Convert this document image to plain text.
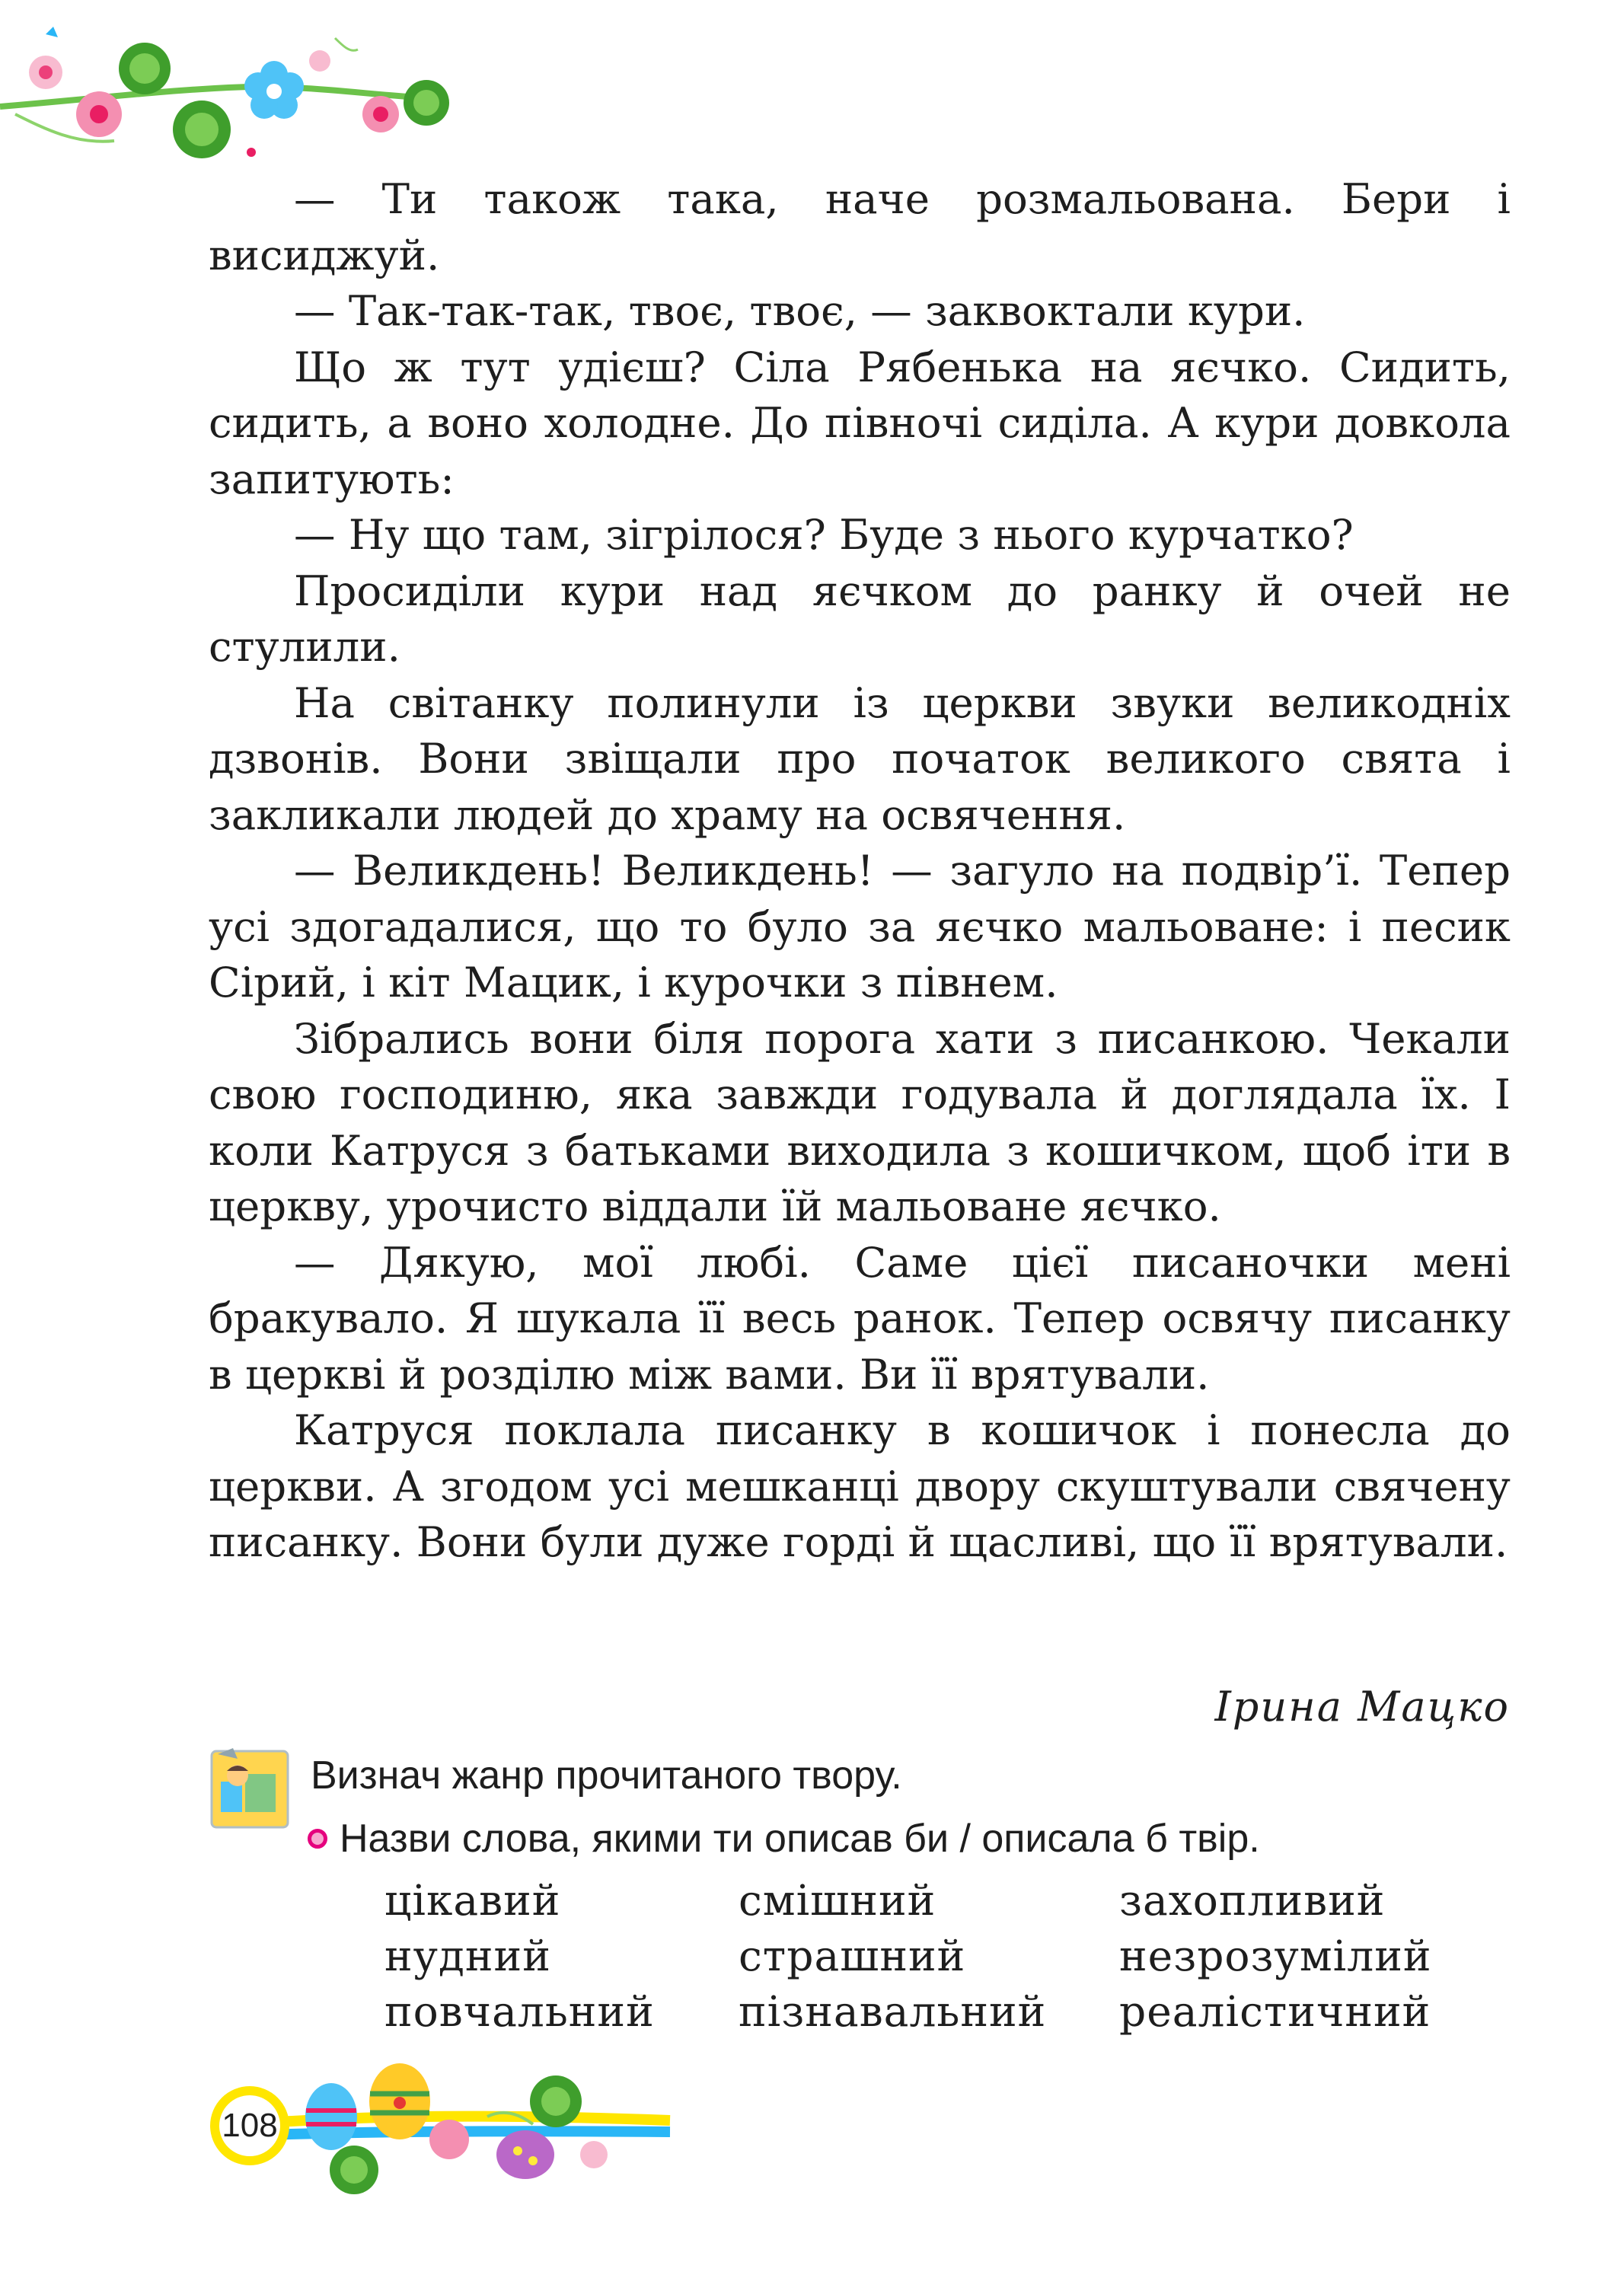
— Ти також така, наче розмальована. Бери і висиджуй.

— Так-так-так, твоє, твоє, — заквоктали кури.

Що ж тут удієш? Сіла Рябенька на яєчко. Сидить, сидить, а воно холодне. До півночі сиділа. А кури довкола запитують:

— Ну що там, зігрілося? Буде з нього курчатко?

Просиділи кури над яєчком до ранку й очей не стулили.

На світанку полинули із церкви звуки великодніх дзвонів. Вони звіщали про початок великого свята і закликали людей до храму на освячення.

— Великдень! Великдень! — загуло на подвір’ї. Тепер усі здогадалися, що то було за яєчко мальоване: і песик Сірий, і кіт Мацик, і курочки з півнем.

Зібрались вони біля порога хати з писанкою. Чекали свою господиню, яка завжди годувала й доглядала їх. І коли Катруся з батьками виходила з кошичком, щоб іти в церкву, урочисто віддали їй мальоване яєчко.

— Дякую, мої любі. Саме цієї писаночки мені бракувало. Я шукала її весь ранок. Тепер освячу писанку в церкві й розділю між вами. Ви її врятували.

Катруся поклала писанку в кошичок і понесла до церкви. А згодом усі мешканці двору скуштували свячену писанку. Вони були дуже горді й щасливі, що її врятували.

Ірина Мацко
Визнач жанр прочитаного твору.
Назви слова, якими ти описав би / описала б твір.
цікавий	смішний	захопливий
нудний	страшний	незрозумілий
повчальний	пізнавальний	реалістичний
108
